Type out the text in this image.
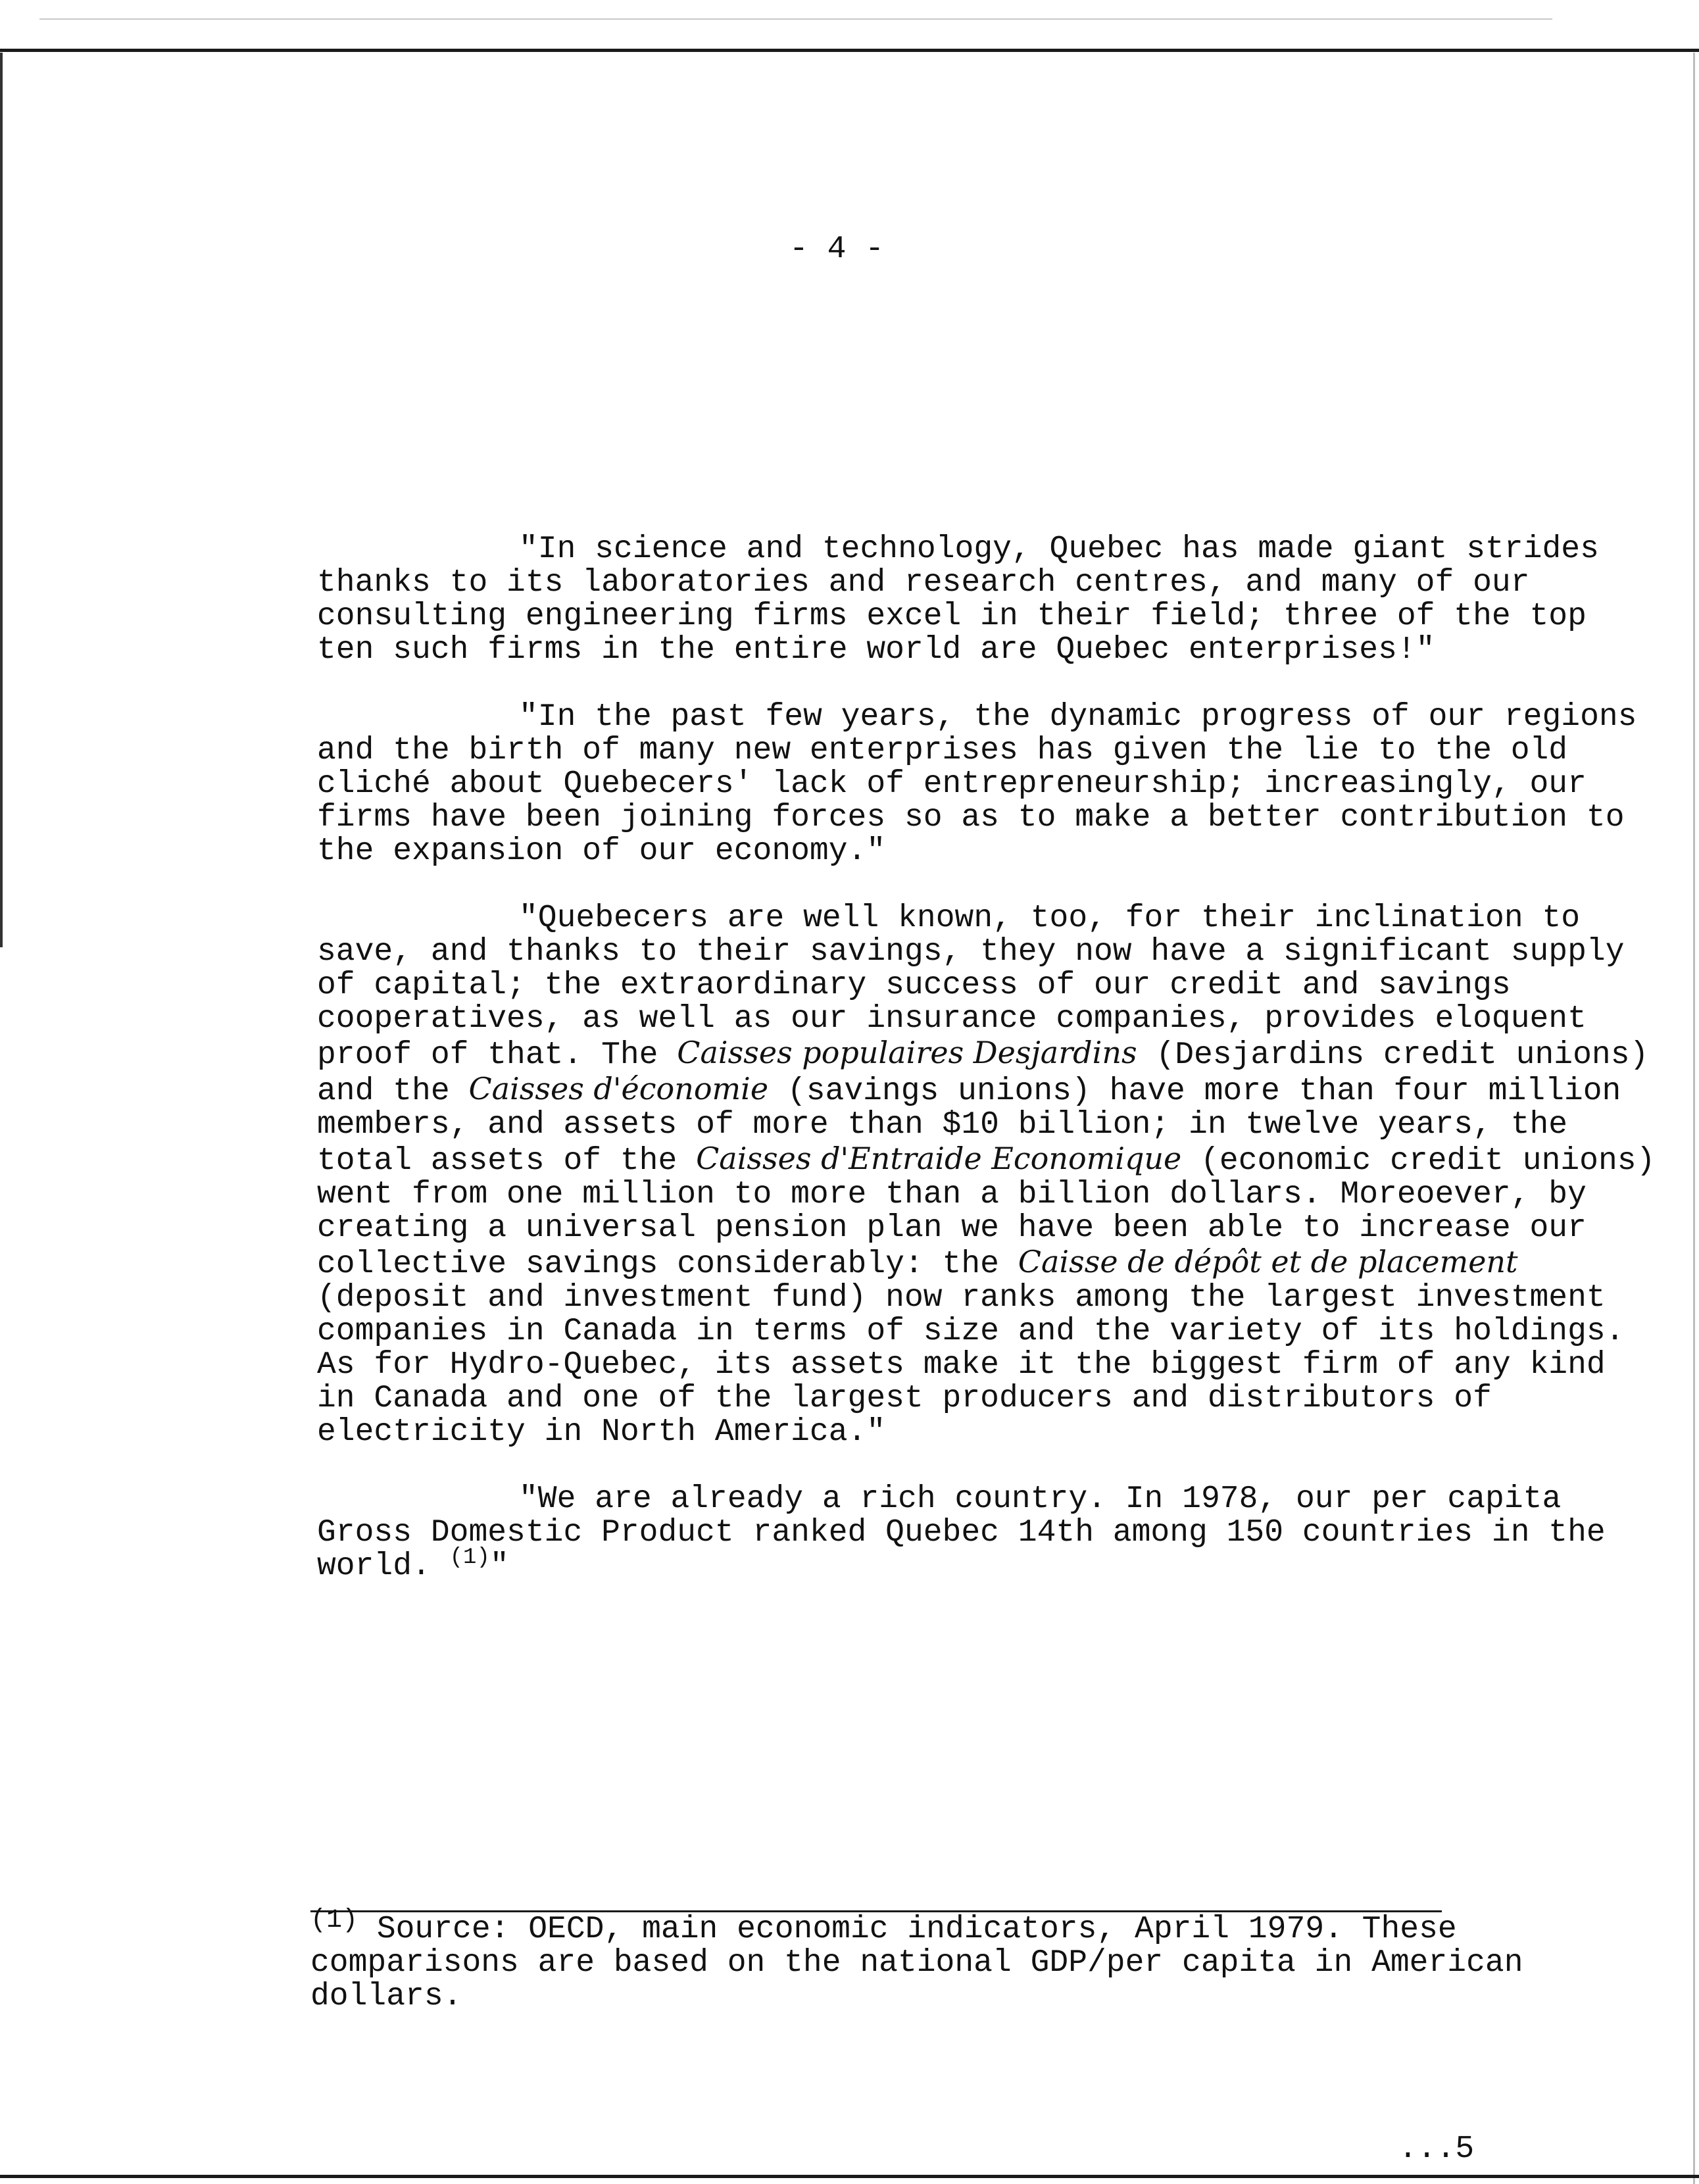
- 4 -

"In science and technology, Quebec has made giant strides thanks to its laboratories and research centres, and many of our consulting engineering firms excel in their field; three of the top ten such firms in the entire world are Quebec enterprises!"

"In the past few years, the dynamic progress of our regions and the birth of many new enterprises has given the lie to the old cliché about Quebecers' lack of entrepreneurship; increasingly, our firms have been joining forces so as to make a better contribution to the expansion of our economy."

"Quebecers are well known, too, for their inclination to save, and thanks to their savings, they now have a significant supply of capital; the extraordinary success of our credit and savings cooperatives, as well as our insurance companies, provides eloquent proof of that. The Caisses populaires Desjardins (Desjardins credit unions) and the Caisses d'économie (savings unions) have more than four million members, and assets of more than $10 billion; in twelve years, the total assets of the Caisses d'Entraide Economique (economic credit unions) went from one million to more than a billion dollars. Moreoever, by creating a universal pension plan we have been able to increase our collective savings considerably: the Caisse de dépôt et de placement (deposit and investment fund) now ranks among the largest investment companies in Canada in terms of size and the variety of its holdings. As for Hydro-Quebec, its assets make it the biggest firm of any kind in Canada and one of the largest producers and distributors of electricity in North America."

"We are already a rich country. In 1978, our per capita Gross Domestic Product ranked Quebec 14th among 150 countries in the world. $^{(1)}$"

$^{(1)}$ Source: OECD, main economic indicators, April 1979. These comparisons are based on the national GDP/per capita in American dollars.
...5
